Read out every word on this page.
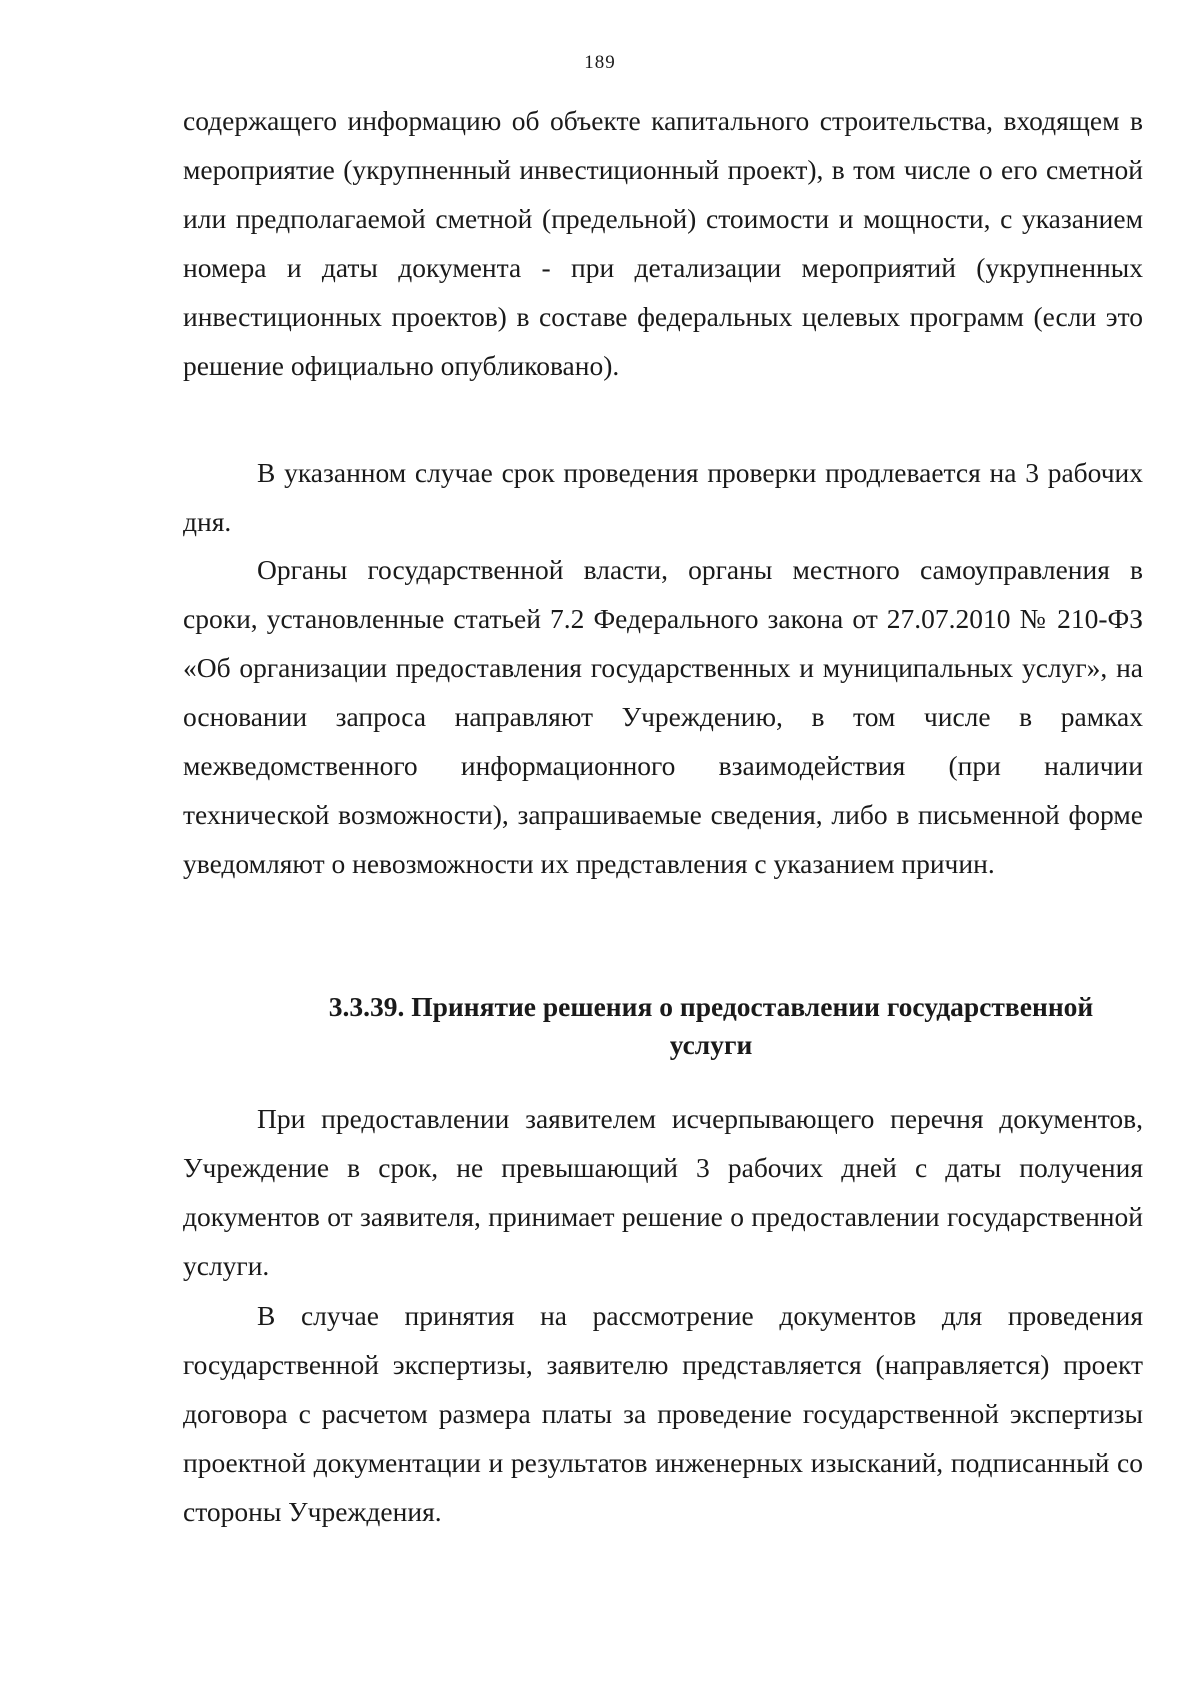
189

содержащего информацию об объекте капитального строительства, входящем в мероприятие (укрупненный инвестиционный проект), в том числе о его сметной или предполагаемой сметной (предельной) стоимости и мощности, с указанием номера и даты документа - при детализации мероприятий (укрупненных инвестиционных проектов) в составе федеральных целевых программ (если это решение официально опубликовано).

В указанном случае срок проведения проверки продлевается на 3 рабочих дня.

Органы государственной власти, органы местного самоуправления в сроки, установленные статьей 7.2 Федерального закона от 27.07.2010 № 210-ФЗ «Об организации предоставления государственных и муниципальных услуг», на основании запроса направляют Учреждению, в том числе в рамках межведомственного информационного взаимодействия (при наличии технической возможности), запрашиваемые сведения, либо в письменной форме уведомляют о невозможности их представления с указанием причин.

3.3.39. Принятие решения о предоставлении государственной
услуги

При предоставлении заявителем исчерпывающего перечня документов, Учреждение в срок, не превышающий 3 рабочих дней с даты получения документов от заявителя, принимает решение о предоставлении государственной услуги.

В случае принятия на рассмотрение документов для проведения государственной экспертизы, заявителю представляется (направляется) проект договора с расчетом размера платы за проведение государственной экспертизы проектной документации и результатов инженерных изысканий, подписанный со стороны Учреждения.
